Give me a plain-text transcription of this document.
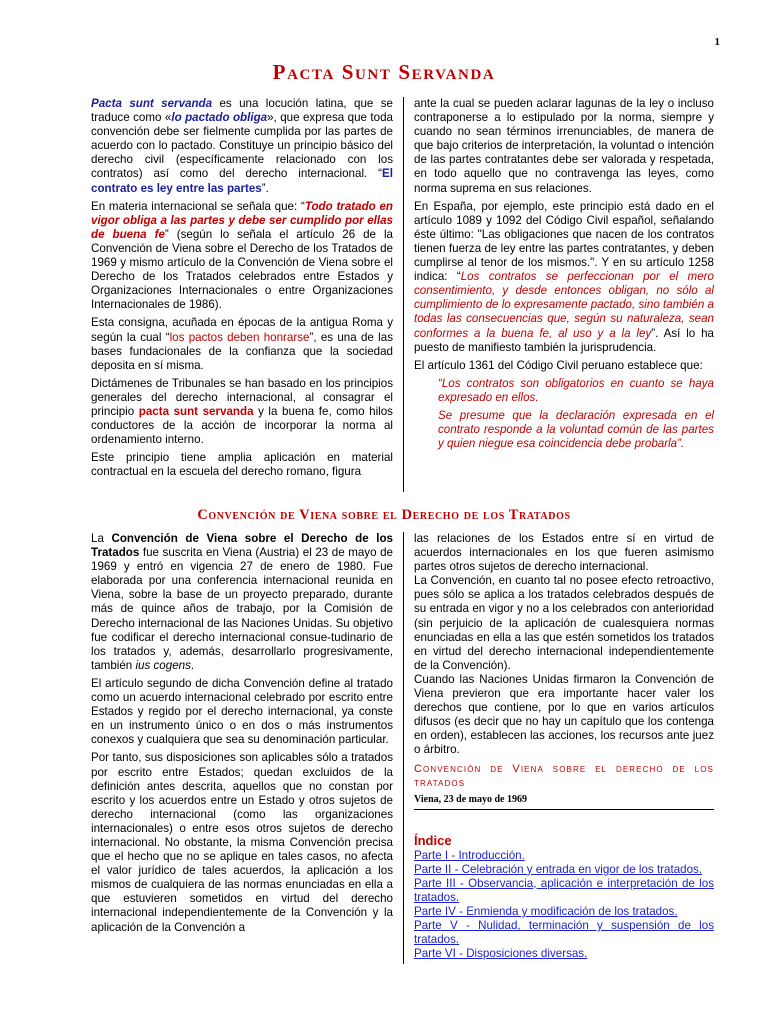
1
Pacta Sunt Servanda

Pacta sunt servanda es una locución latina, que se traduce como «lo pactado obliga», que expresa que toda convención debe ser fielmente cumplida por las partes de acuerdo con lo pactado. Constituye un principio básico del derecho civil (específicamente relacionado con los contratos) así como del derecho internacional. “El contrato es ley entre las partes”.

En materia internacional se señala que: “Todo tratado en vigor obliga a las partes y debe ser cumplido por ellas de buena fe” (según lo señala el artículo 26 de la Convención de Viena sobre el Derecho de los Tratados de 1969 y mismo artículo de la Convención de Viena sobre el Derecho de los Tratados celebrados entre Estados y Organizaciones Internacionales o entre Organizaciones Internacionales de 1986).

Esta consigna, acuñada en épocas de la antigua Roma y según la cual “los pactos deben honrarse”, es una de las bases fundacionales de la confianza que la sociedad deposita en sí misma.

Dictámenes de Tribunales se han basado en los principios generales del derecho internacional, al consagrar el principio pacta sunt servanda y la buena fe, como hilos conductores de la acción de incorporar la norma al ordenamiento interno.

Este principio tiene amplia aplicación en material contractual en la escuela del derecho romano, figura

ante la cual se pueden aclarar lagunas de la ley o incluso contraponerse a lo estipulado por la norma, siempre y cuando no sean términos irrenunciables, de manera de que bajo criterios de interpretación, la voluntad o intención de las partes contratantes debe ser valorada y respetada, en todo aquello que no contravenga las leyes, como norma suprema en sus relaciones.

En España, por ejemplo, este principio está dado en el artículo 1089 y 1092 del Código Civil español, señalando éste último: "Las obligaciones que nacen de los contratos tienen fuerza de ley entre las partes contratantes, y deben cumplirse al tenor de los mismos.". Y en su artículo 1258 indica: “Los contratos se perfeccionan por el mero consentimiento, y desde entonces obligan, no sólo al cumplimiento de lo expresamente pactado, sino también a todas las consecuencias que, según su naturaleza, sean conformes a la buena fe, al uso y a la ley”. Así lo ha puesto de manifiesto también la jurisprudencia.

El artículo 1361 del Código Civil peruano establece que:

“Los contratos son obligatorios en cuanto se haya expresado en ellos.

Se presume que la declaración expresada en el contrato responde a la voluntad común de las partes y quien niegue esa coincidencia debe probarla”.

Convención de Viena sobre el Derecho de los Tratados

La Convención de Viena sobre el Derecho de los Tratados fue suscrita en Viena (Austria) el 23 de mayo de 1969 y entró en vigencia 27 de enero de 1980. Fue elaborada por una conferencia internacional reunida en Viena, sobre la base de un proyecto preparado, durante más de quince años de trabajo, por la Comisión de Derecho internacional de las Naciones Unidas. Su objetivo fue codificar el derecho internacional consue-tudinario de los tratados y, además, desarrollarlo progresivamente, también ius cogens.

El artículo segundo de dicha Convención define al tratado como un acuerdo internacional celebrado por escrito entre Estados y regido por el derecho internacional, ya conste en un instrumento único o en dos o más instrumentos conexos y cualquiera que sea su denominación particular.

Por tanto, sus disposiciones son aplicables sólo a tratados por escrito entre Estados; quedan excluidos de la definición antes descrita, aquellos que no constan por escrito y los acuerdos entre un Estado y otros sujetos de derecho internacional (como las organizaciones internacionales) o entre esos otros sujetos de derecho internacional. No obstante, la misma Convención precisa que el hecho que no se aplique en tales casos, no afecta el valor jurídico de tales acuerdos, la aplicación a los mismos de cualquiera de las normas enunciadas en ella a que estuvieren sometidos en virtud del derecho internacional independientemente de la Convención y la aplicación de la Convención a

las relaciones de los Estados entre sí en virtud de acuerdos internacionales en los que fueren asimismo partes otros sujetos de derecho internacional.

La Convención, en cuanto tal no posee efecto retroactivo, pues sólo se aplica a los tratados celebrados después de su entrada en vigor y no a los celebrados con anterioridad (sin perjuicio de la aplicación de cualesquiera normas enunciadas en ella a las que estén sometidos los tratados en virtud del derecho internacional independientemente de la Convención).

Cuando las Naciones Unidas firmaron la Convención de Viena previeron que era importante hacer valer los derechos que contiene, por lo que en varios artículos difusos (es decir que no hay un capítulo que los contenga en orden), establecen las acciones, los recursos ante juez o árbitro.

Convención de Viena sobre el derecho de los tratados
Viena, 23 de mayo de 1969
Índice
Parte I - Introducción.
Parte II - Celebración y entrada en vigor de los tratados.
Parte III - Observancia, aplicación e interpretación de los tratados.
Parte IV - Enmienda y modificación de los tratados.
Parte V - Nulidad, terminación y suspensión de los tratados.
Parte VI - Disposiciones diversas.
